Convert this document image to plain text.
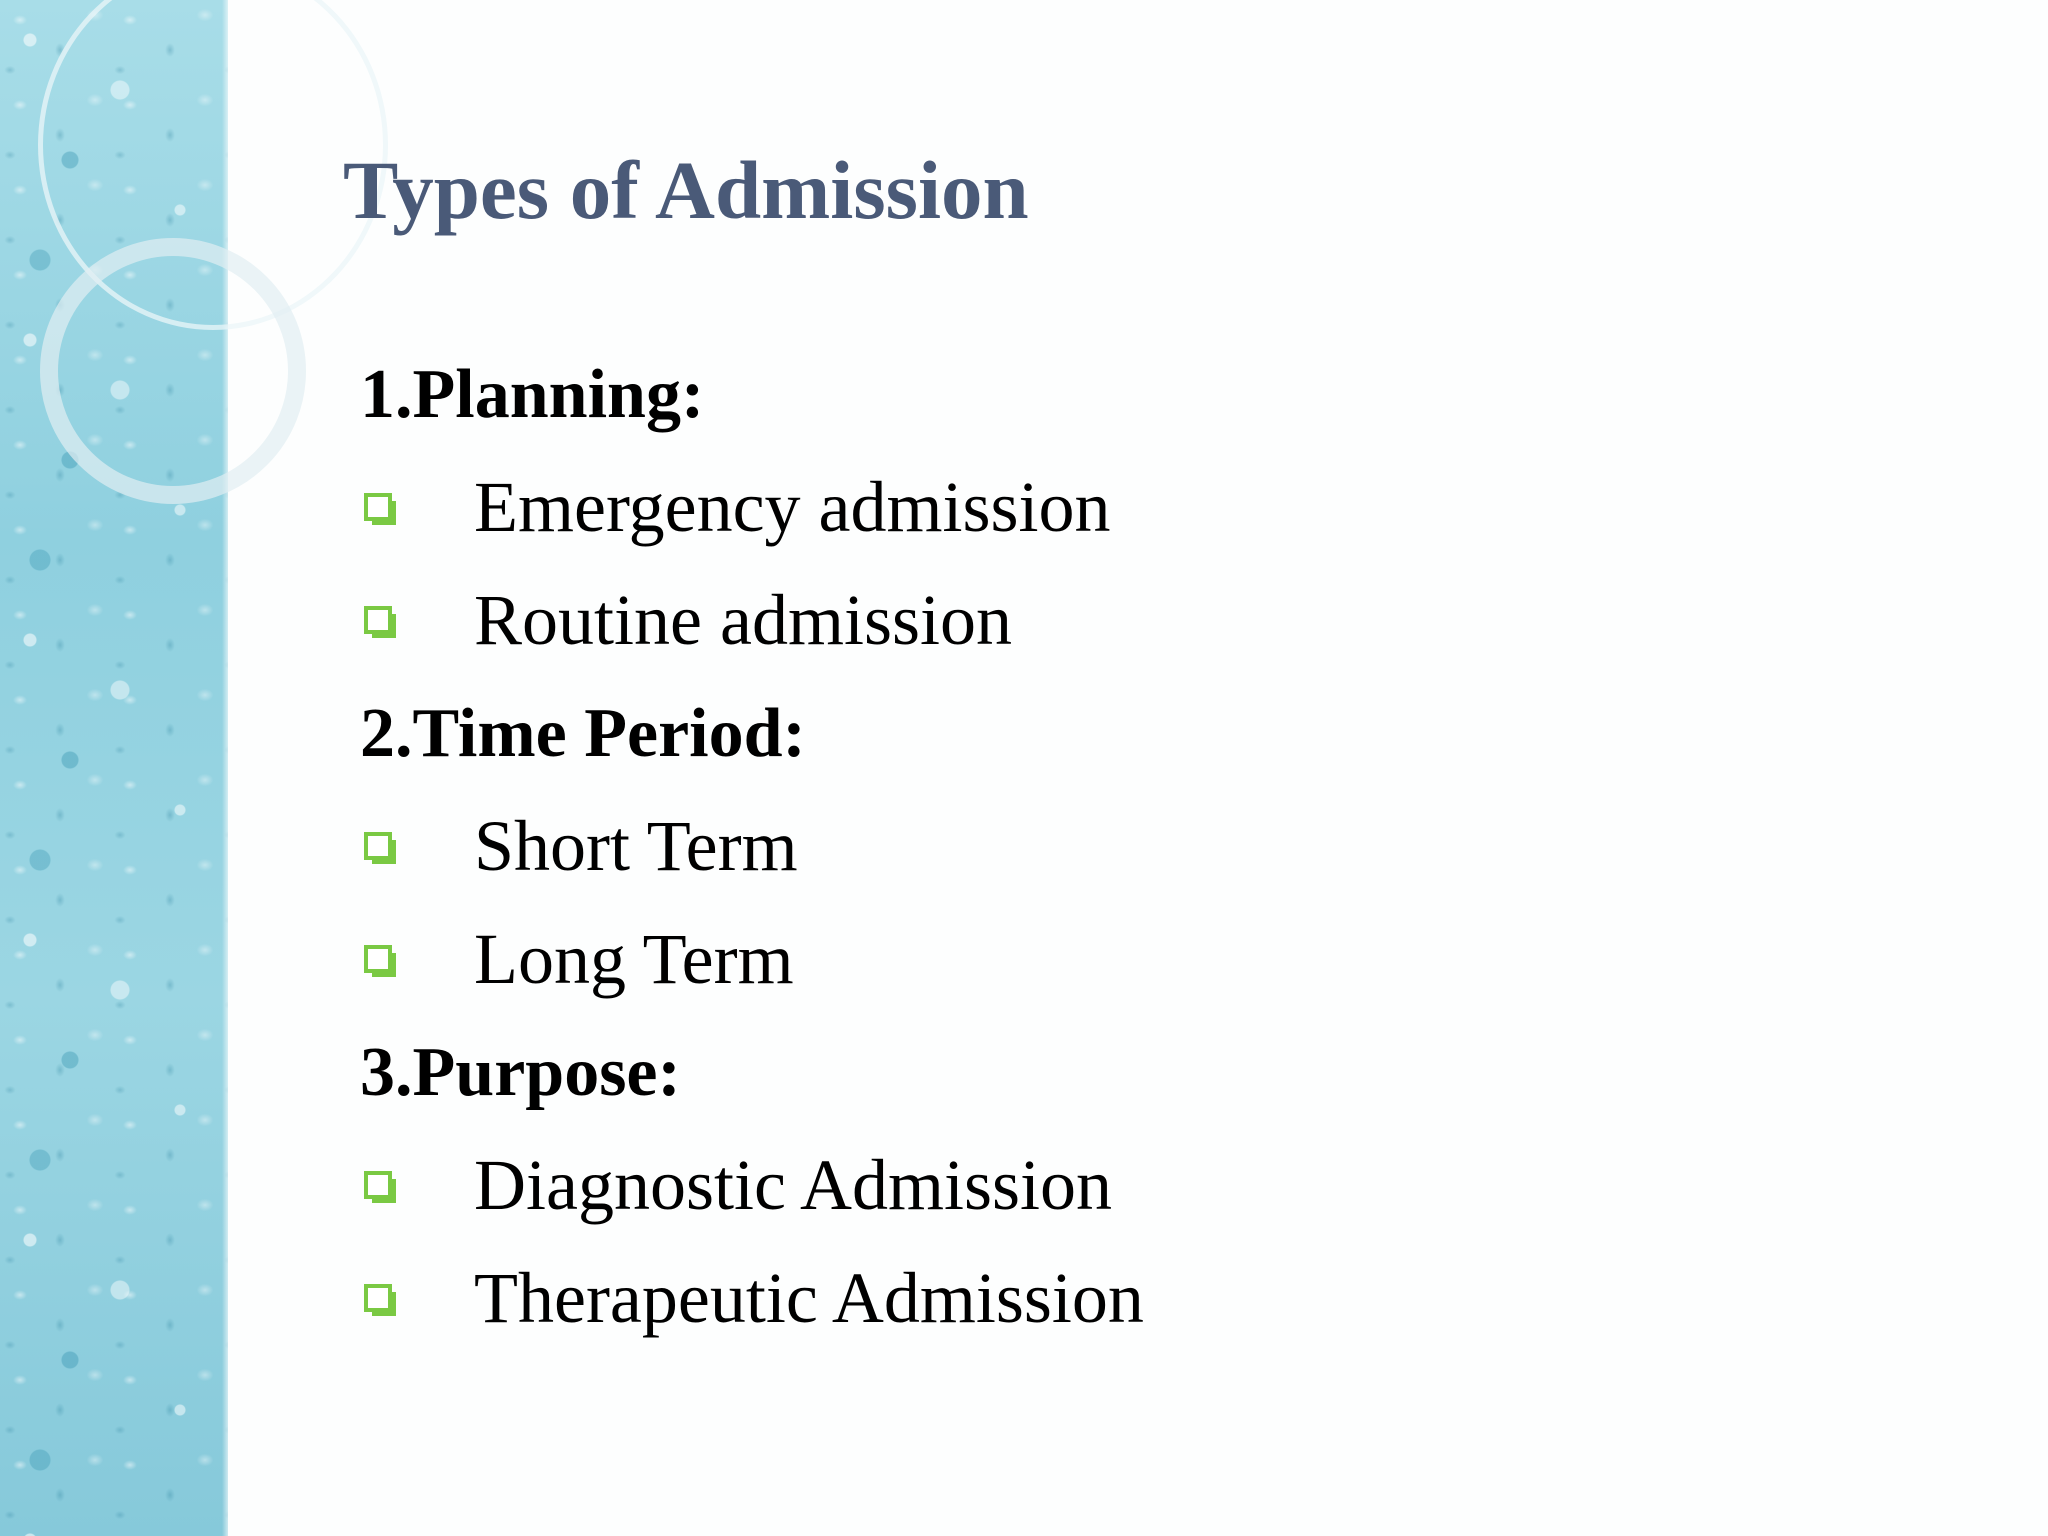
Types of Admission
1.Planning:
Emergency admission
Routine admission
2.Time Period:
Short Term
Long Term
3.Purpose:
Diagnostic Admission
Therapeutic Admission
